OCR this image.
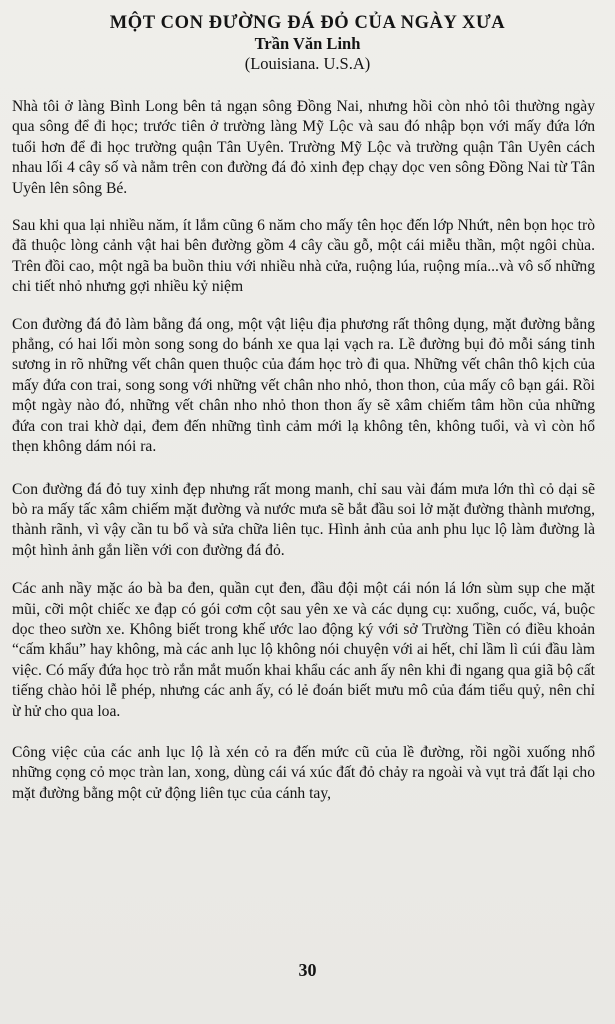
MỘT CON ĐƯỜNG ĐÁ ĐỎ CỦA NGÀY XƯA

Trần Văn Linh

(Louisiana. U.S.A)

Nhà tôi ở làng Bình Long bên tả ngạn sông Đồng Nai, nhưng hồi còn nhỏ tôi thường ngày qua sông để đi học; trước tiên ở trường làng Mỹ Lộc và sau đó nhập bọn với mấy đứa lớn tuổi hơn để đi học trường quận Tân Uyên. Trường Mỹ Lộc và trường quận Tân Uyên cách nhau lối 4 cây số và nằm trên con đường đá đỏ xinh đẹp chạy dọc ven sông Đồng Nai từ Tân Uyên lên sông Bé.

Sau khi qua lại nhiều năm, ít lắm cũng 6 năm cho mấy tên học đến lớp Nhứt, nên bọn học trò đã thuộc lòng cảnh vật hai bên đường gồm 4 cây cầu gỗ, một cái miễu thần, một ngôi chùa. Trên đồi cao, một ngã ba buồn thiu với nhiều nhà cửa, ruộng lúa, ruộng mía...và vô số những chi tiết nhỏ nhưng gợi nhiều kỷ niệm

Con đường đá đỏ làm bằng đá ong, một vật liệu địa phương rất thông dụng, mặt đường bằng phẳng, có hai lối mòn song song do bánh xe qua lại vạch ra. Lề đường bụi đỏ mỗi sáng tinh sương in rõ những vết chân quen thuộc của đám học trò đi qua. Những vết chân thô kịch của mấy đứa con trai, song song với những vết chân nho nhỏ, thon thon, của mấy cô bạn gái. Rồi một ngày nào đó, những vết chân nho nhỏ thon thon ấy sẽ xâm chiếm tâm hồn của những đứa con trai khờ dại, đem đến những tình cảm mới lạ không tên, không tuổi, và vì còn hổ thẹn không dám nói ra.

Con đường đá đỏ tuy xinh đẹp nhưng rất mong manh, chỉ sau vài đám mưa lớn thì cỏ dại sẽ bò ra mấy tấc xâm chiếm mặt đường và nước mưa sẽ bắt đầu soi lở mặt đường thành mương, thành rãnh, vì vậy cần tu bổ và sửa chữa liên tục. Hình ảnh của anh phu lục lộ làm đường là một hình ảnh gắn liền với con đường đá đỏ.

Các anh nầy mặc áo bà ba đen, quần cụt đen, đầu đội một cái nón lá lớn sùm sụp che mặt mũi, cỡi một chiếc xe đạp có gói cơm cột sau yên xe và các dụng cụ: xuổng, cuốc, vá, buộc dọc theo sườn xe. Không biết trong khế ước lao động ký với sở Trường Tiền có điều khoản “cấm khẩu” hay không, mà các anh lục lộ không nói chuyện với ai hết, chỉ lầm lì cúi đầu làm việc. Có mấy đứa học trò rắn mắt muốn khai khẩu các anh ấy nên khi đi ngang qua giã bộ cất tiếng chào hỏi lễ phép, nhưng các anh ấy, có lẻ đoán biết mưu mô của đám tiểu quỷ, nên chỉ ừ hử cho qua loa.

Công việc của các anh lục lộ là xén cỏ ra đến mức cũ của lề đường, rồi ngồi xuống nhổ những cọng cỏ mọc tràn lan, xong, dùng cái vá xúc đất đỏ chảy ra ngoài và vụt trả đất lại cho mặt đường bằng một cử động liên tục của cánh tay,

30
